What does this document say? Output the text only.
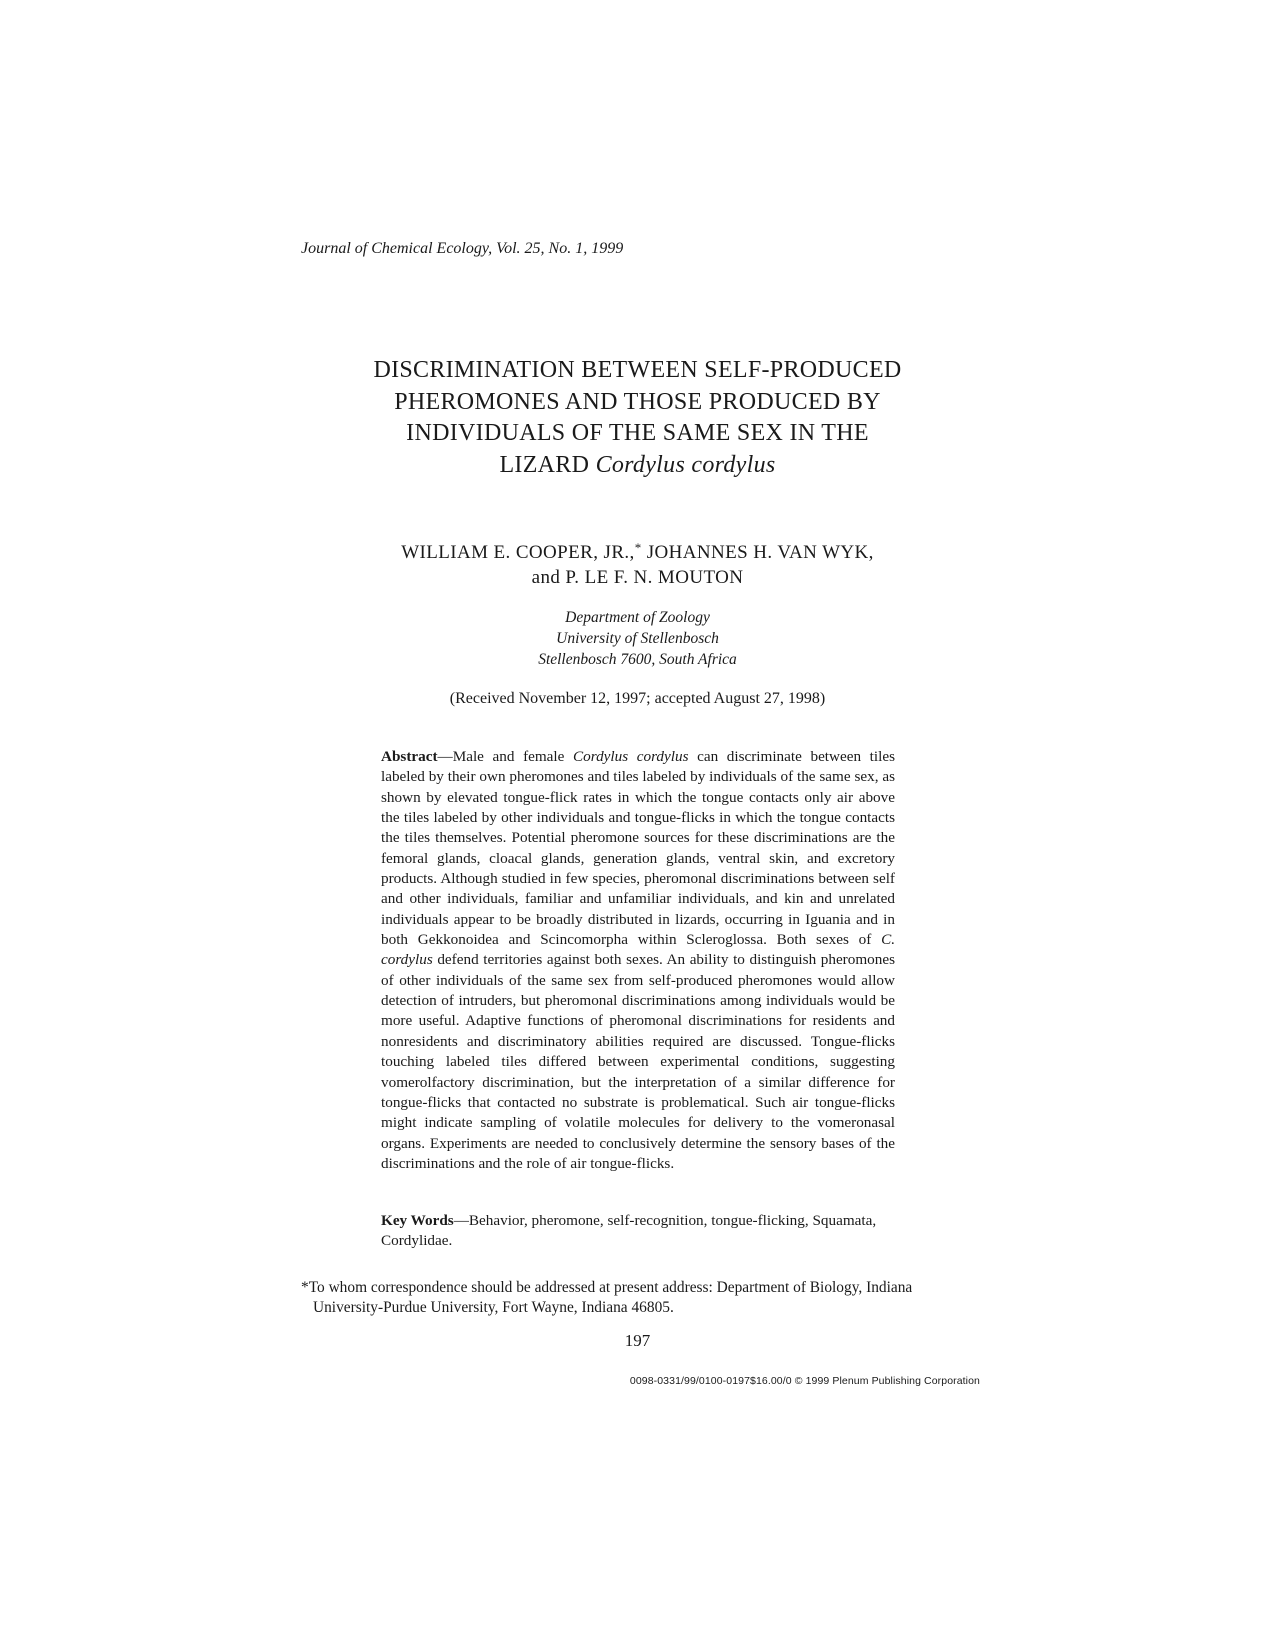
Journal of Chemical Ecology, Vol. 25, No. 1, 1999
DISCRIMINATION BETWEEN SELF-PRODUCED
PHEROMONES AND THOSE PRODUCED BY
INDIVIDUALS OF THE SAME SEX IN THE
LIZARD Cordylus cordylus
WILLIAM E. COOPER, JR.,* JOHANNES H. VAN WYK,
and P. LE F. N. MOUTON
Department of Zoology
University of Stellenbosch
Stellenbosch 7600, South Africa
(Received November 12, 1997; accepted August 27, 1998)
Abstract—Male and female Cordylus cordylus can discriminate between tiles labeled by their own pheromones and tiles labeled by individuals of the same sex, as shown by elevated tongue-flick rates in which the tongue contacts only air above the tiles labeled by other individuals and tongue-flicks in which the tongue contacts the tiles themselves. Potential pheromone sources for these discriminations are the femoral glands, cloacal glands, generation glands, ventral skin, and excretory products. Although studied in few species, pheromonal discriminations between self and other individuals, familiar and unfamiliar individuals, and kin and unrelated individuals appear to be broadly distributed in lizards, occurring in Iguania and in both Gekkonoidea and Scincomorpha within Scleroglossa. Both sexes of C. cordylus defend territories against both sexes. An ability to distinguish pheromones of other individuals of the same sex from self-produced pheromones would allow detection of intruders, but pheromonal discriminations among individuals would be more useful. Adaptive functions of pheromonal discriminations for residents and nonresidents and discriminatory abilities required are discussed. Tongue-flicks touching labeled tiles differed between experimental conditions, suggesting vomerolfactory discrimination, but the interpretation of a similar difference for tongue-flicks that contacted no substrate is problematical. Such air tongue-flicks might indicate sampling of volatile molecules for delivery to the vomeronasal organs. Experiments are needed to conclusively determine the sensory bases of the discriminations and the role of air tongue-flicks.
Key Words—Behavior, pheromone, self-recognition, tongue-flicking, Squamata, Cordylidae.
*To whom correspondence should be addressed at present address: Department of Biology, Indiana
University-Purdue University, Fort Wayne, Indiana 46805.
197
0098-0331/99/0100-0197$16.00/0 © 1999 Plenum Publishing Corporation
